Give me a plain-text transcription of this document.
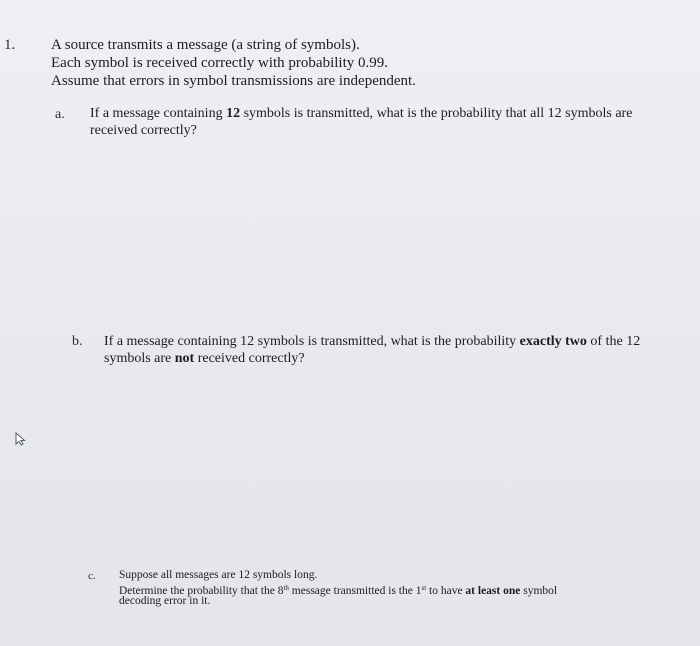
1. A source transmits a message (a string of symbols).
Each symbol is received correctly with probability 0.99.
Assume that errors in symbol transmissions are independent.
a. If a message containing 12 symbols is transmitted, what is the probability that all 12 symbols are
received correctly?
b. If a message containing 12 symbols is transmitted, what is the probability exactly two of the 12
symbols are not received correctly?
c. Suppose all messages are 12 symbols long.
Determine the probability that the 8th message transmitted is the 1st to have at least one symbol
decoding error in it.
